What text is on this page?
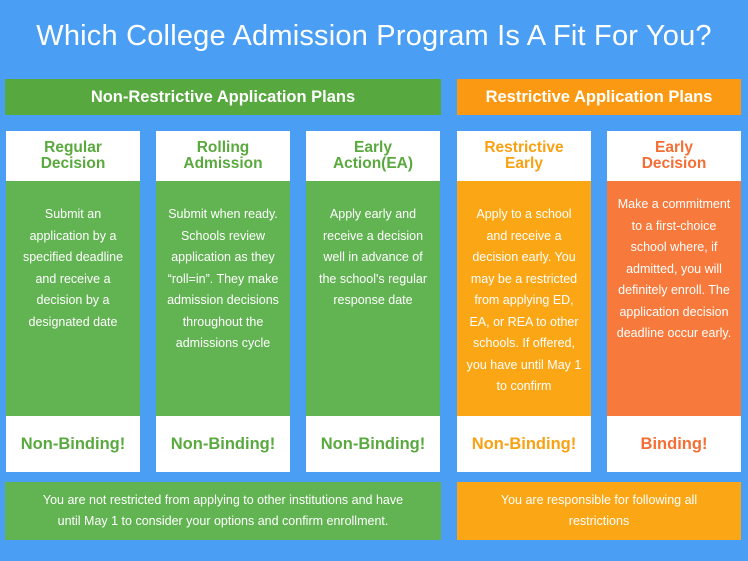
Which College Admission Program Is A Fit For You?
Non-Restrictive Application Plans	Restrictive Application Plans
Regular
Decision
Submit an
application by a
specified deadline
and receive a
decision by a
designated date
Non-Binding!
Rolling
Admission
Submit when ready.
Schools review
application as they
“roll=in”. They make
admission decisions
throughout the
admissions cycle
Non-Binding!
Early
Action(EA)
Apply early and
receive a decision
well in advance of
the school's regular
response date
Non-Binding!
Restrictive
Early
Apply to a school
and receive a
decision early. You
may be a restricted
from applying ED,
EA, or REA to other
schools. If offered,
you have until May 1
to confirm
Non-Binding!
Early
Decision
Make a commitment
to a first-choice
school where, if
admitted, you will
definitely enroll. The
application decision
deadline occur early.
Binding!
You are not restricted from applying to other institutions and have
until May 1 to consider your options and confirm enrollment.
You are responsible for following all
restrictions
